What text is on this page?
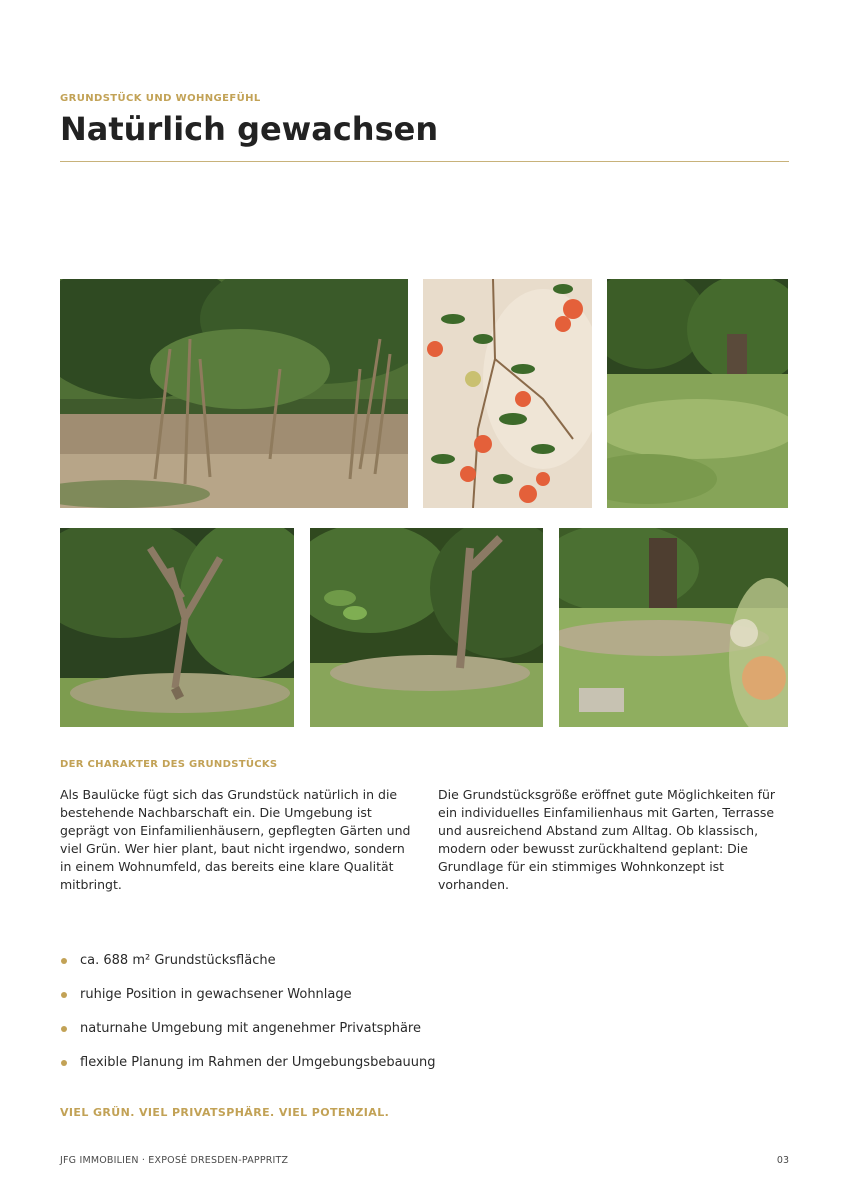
GRUNDSTÜCK UND WOHNGEFÜHL
Natürlich gewachsen
DER CHARAKTER DES GRUNDSTÜCKS

Als Baulücke fügt sich das Grundstück natürlich in die bestehende Nachbarschaft ein. Die Umgebung ist geprägt von Einfamilienhäusern, gepflegten Gärten und viel Grün. Wer hier plant, baut nicht irgendwo, sondern in einem Wohnumfeld, das bereits eine klare Qualität mitbringt.

Die Grundstücksgröße eröffnet gute Möglichkeiten für ein individuelles Einfamilienhaus mit Garten, Terrasse und ausreichend Abstand zum Alltag. Ob klassisch, modern oder bewusst zurückhaltend geplant: Die Grundlage für ein stimmiges Wohnkonzept ist vorhanden.

ca. 688 m² Grundstücksfläche
ruhige Position in gewachsener Wohnlage
naturnahe Umgebung mit angenehmer Privatsphäre
flexible Planung im Rahmen der Umgebungsbebauung
VIEL GRÜN. VIEL PRIVATSPHÄRE. VIEL POTENZIAL.
JFG IMMOBILIEN · EXPOSÉ DRESDEN-PAPPRITZ	03
